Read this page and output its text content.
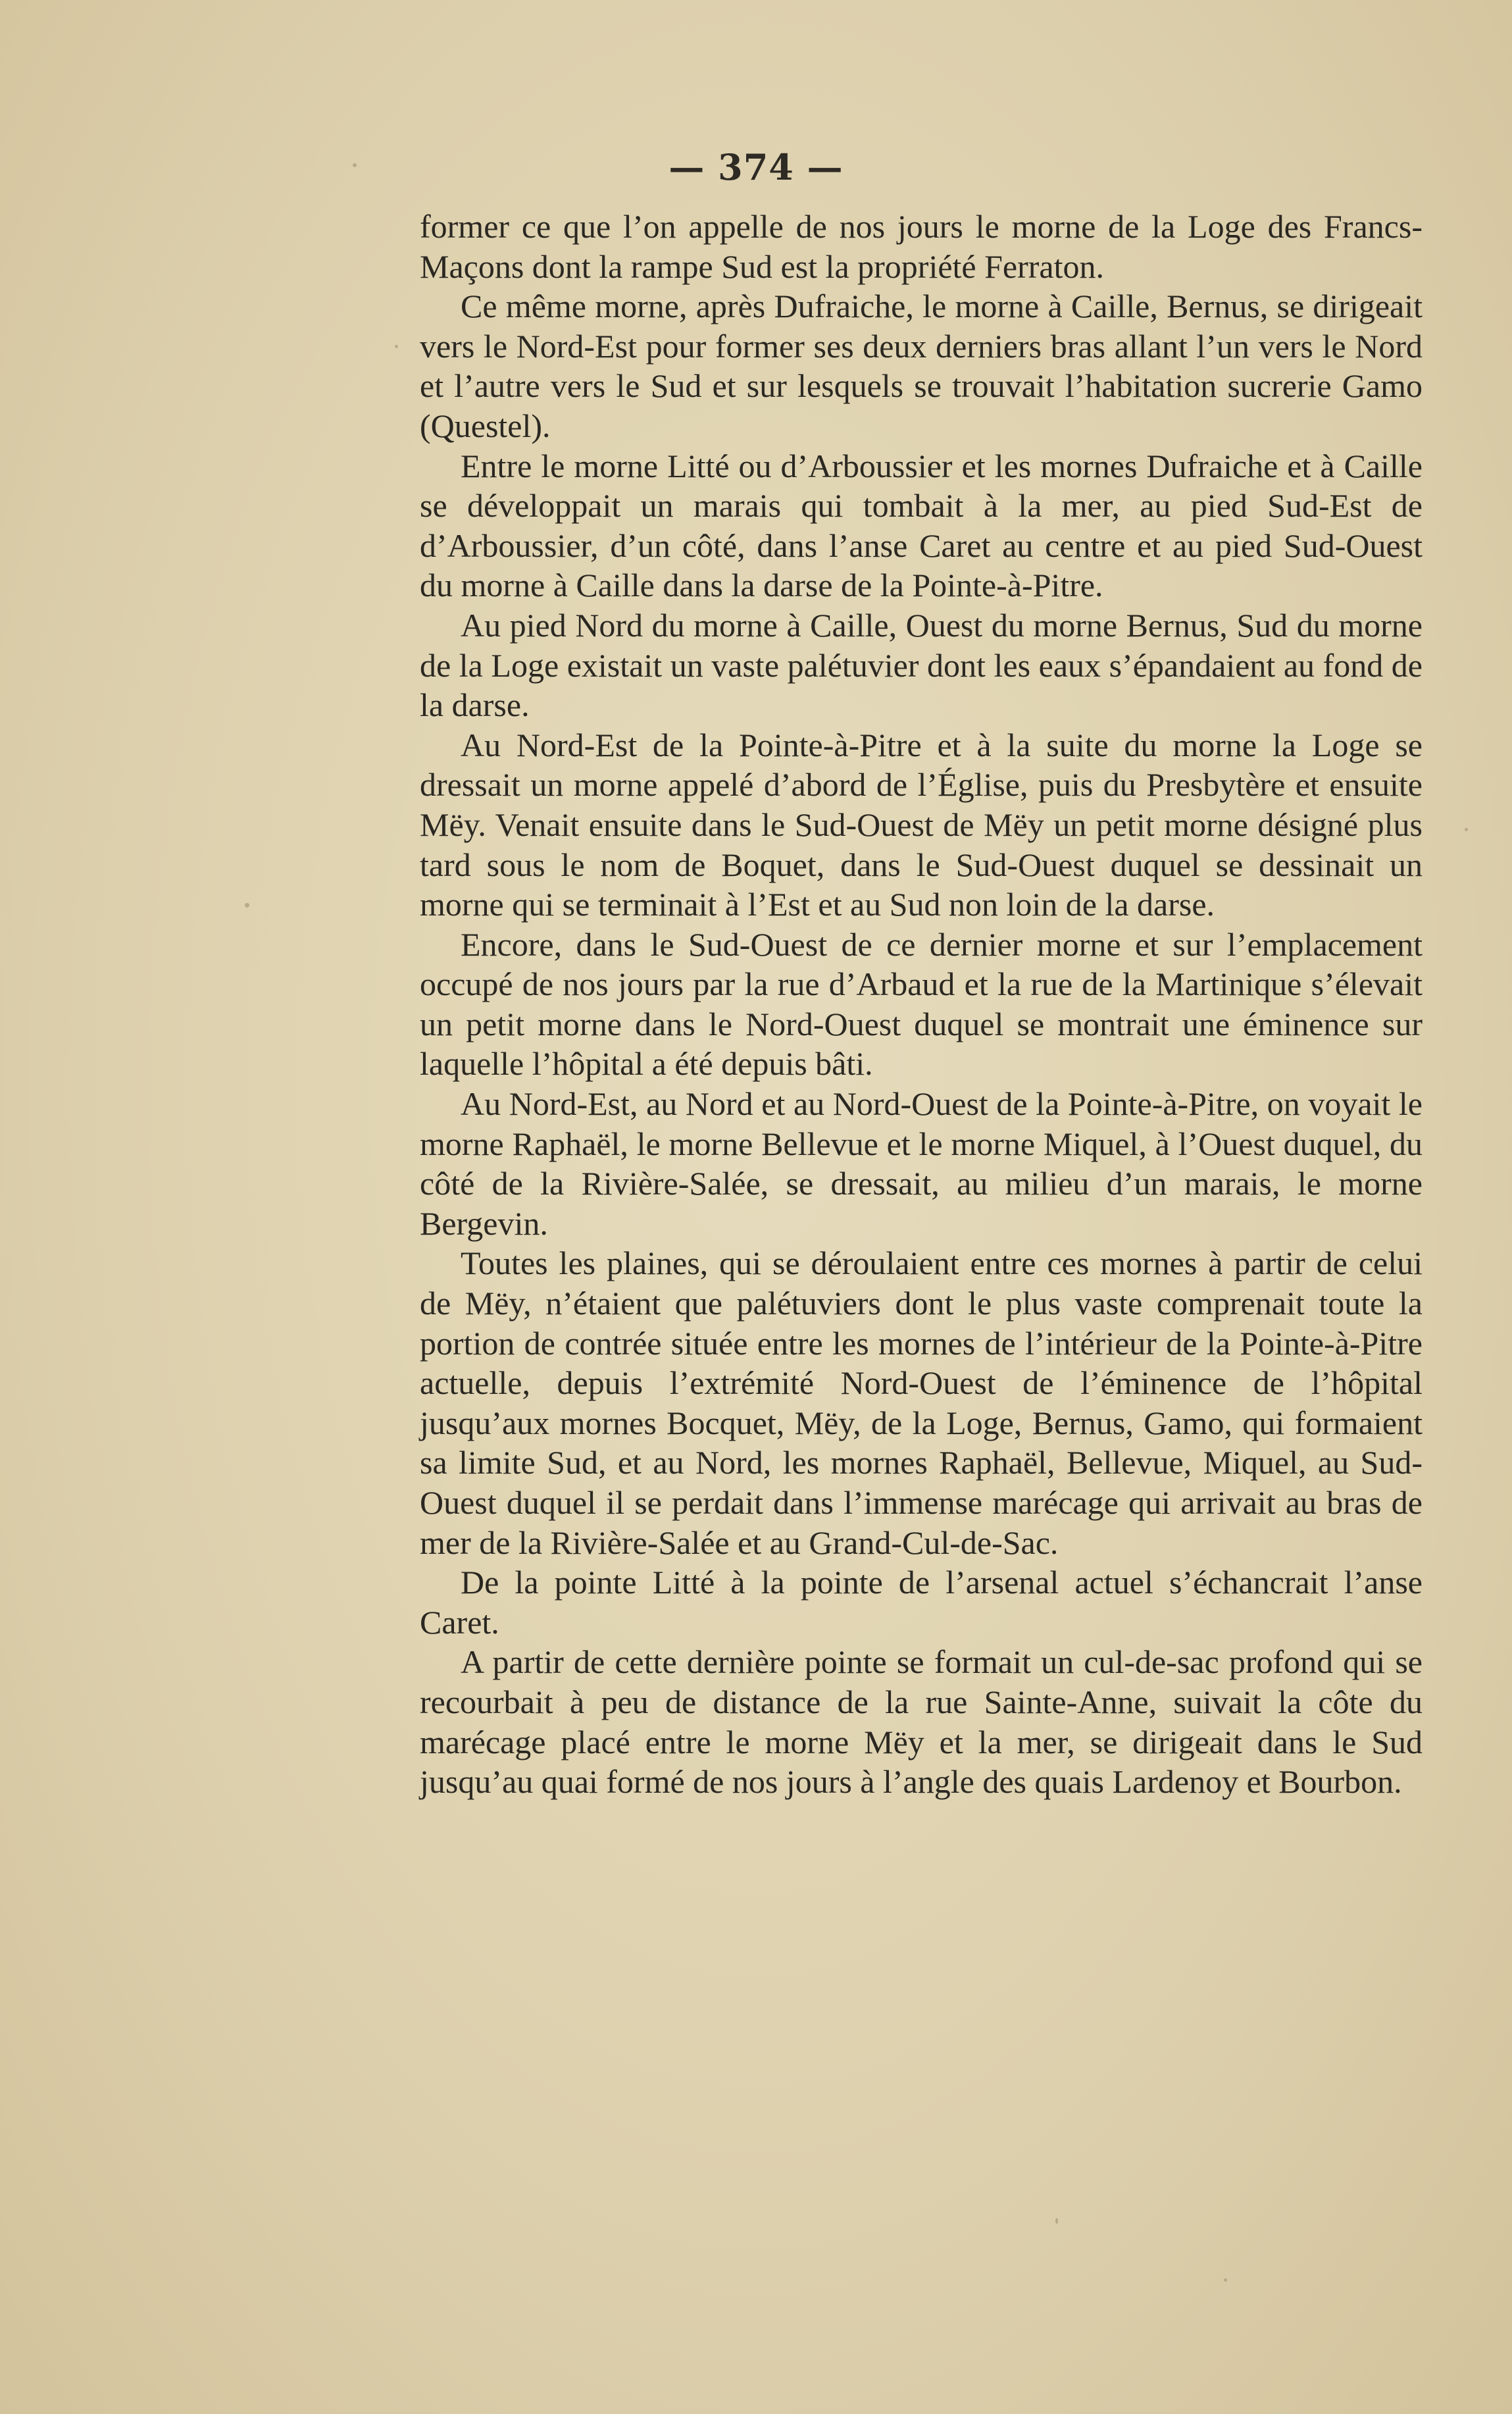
— 374 —

former ce que l’on appelle de nos jours le morne de la Loge des Francs-Maçons dont la rampe Sud est la propriété Ferraton.

Ce même morne, après Dufraiche, le morne à Caille, Bernus, se dirigeait vers le Nord-Est pour former ses deux derniers bras allant l’un vers le Nord et l’autre vers le Sud et sur lesquels se trouvait l’habitation sucrerie Gamo (Questel).

Entre le morne Litté ou d’Arboussier et les mornes Dufraiche et à Caille se développait un marais qui tombait à la mer, au pied Sud-Est de d’Arboussier, d’un côté, dans l’anse Caret au centre et au pied Sud-Ouest du morne à Caille dans la darse de la Pointe-à-Pitre.

Au pied Nord du morne à Caille, Ouest du morne Bernus, Sud du morne de la Loge existait un vaste palétuvier dont les eaux s’épandaient au fond de la darse.

Au Nord-Est de la Pointe-à-Pitre et à la suite du morne la Loge se dressait un morne appelé d’abord de l’Église, puis du Presbytère et ensuite Mëy. Venait ensuite dans le Sud-Ouest de Mëy un petit morne désigné plus tard sous le nom de Boquet, dans le Sud-Ouest duquel se dessinait un morne qui se terminait à l’Est et au Sud non loin de la darse.

Encore, dans le Sud-Ouest de ce dernier morne et sur l’emplacement occupé de nos jours par la rue d’Arbaud et la rue de la Martinique s’élevait un petit morne dans le Nord-Ouest duquel se montrait une éminence sur laquelle l’hôpital a été depuis bâti.

Au Nord-Est, au Nord et au Nord-Ouest de la Pointe-à-Pitre, on voyait le morne Raphaël, le morne Bellevue et le morne Miquel, à l’Ouest duquel, du côté de la Rivière-Salée, se dressait, au milieu d’un marais, le morne Bergevin.

Toutes les plaines, qui se déroulaient entre ces mornes à partir de celui de Mëy, n’étaient que palétuviers dont le plus vaste comprenait toute la portion de contrée située entre les mornes de l’intérieur de la Pointe-à-Pitre actuelle, depuis l’extrémité Nord-Ouest de l’éminence de l’hôpital jusqu’aux mornes Bocquet, Mëy, de la Loge, Bernus, Gamo, qui formaient sa limite Sud, et au Nord, les mornes Raphaël, Bellevue, Miquel, au Sud-Ouest duquel il se perdait dans l’immense marécage qui arrivait au bras de mer de la Rivière-Salée et au Grand-Cul-de-Sac.

De la pointe Litté à la pointe de l’arsenal actuel s’échancrait l’anse Caret.

A partir de cette dernière pointe se formait un cul-de-sac profond qui se recourbait à peu de distance de la rue Sainte-Anne, suivait la côte du marécage placé entre le morne Mëy et la mer, se dirigeait dans le Sud jusqu’au quai formé de nos jours à l’angle des quais Lardenoy et Bourbon.
